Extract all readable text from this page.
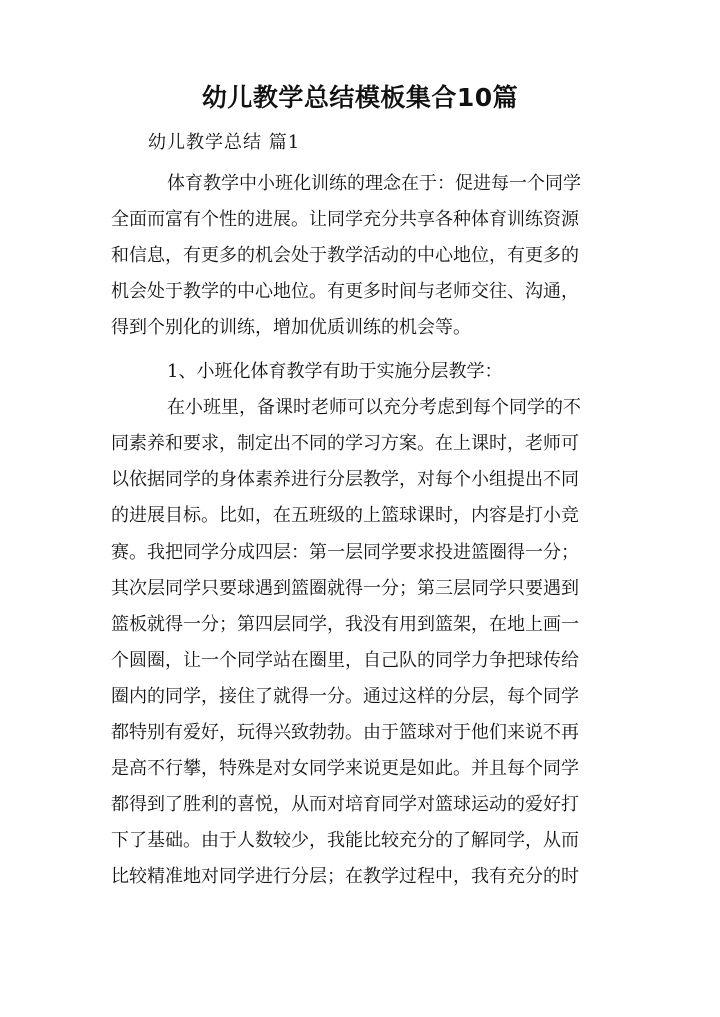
幼儿教学总结模板集合10篇
幼儿教学总结 篇1
体育教学中小班化训练的理念在于：促进每一个同学
全面而富有个性的进展。让同学充分共享各种体育训练资源
和信息，有更多的机会处于教学活动的中心地位，有更多的
机会处于教学的中心地位。有更多时间与老师交往、沟通，
得到个别化的训练，增加优质训练的机会等。
1、小班化体育教学有助于实施分层教学：
在小班里，备课时老师可以充分考虑到每个同学的不
同素养和要求，制定出不同的学习方案。在上课时，老师可
以依据同学的身体素养进行分层教学，对每个小组提出不同
的进展目标。比如，在五班级的上篮球课时，内容是打小竞
赛。我把同学分成四层：第一层同学要求投进篮圈得一分；
其次层同学只要球遇到篮圈就得一分；第三层同学只要遇到
篮板就得一分；第四层同学，我没有用到篮架，在地上画一
个圆圈，让一个同学站在圈里，自己队的同学力争把球传给
圈内的同学，接住了就得一分。通过这样的分层，每个同学
都特别有爱好，玩得兴致勃勃。由于篮球对于他们来说不再
是高不行攀，特殊是对女同学来说更是如此。并且每个同学
都得到了胜利的喜悦，从而对培育同学对篮球运动的爱好打
下了基础。由于人数较少，我能比较充分的了解同学，从而
比较精准地对同学进行分层；在教学过程中，我有充分的时
